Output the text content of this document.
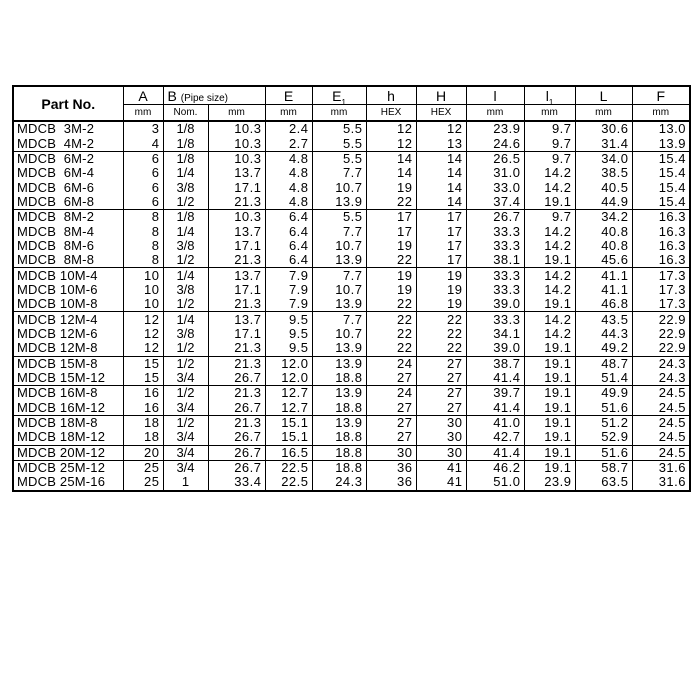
Part No.	A	B (Pipe size)		E	$E_1$	h	H	l	$l_1$	L	F
	mm	Nom.	mm	mm	mm	HEX	HEX	mm	mm	mm	mm
MDCB  3M-2	3	1/8	10.3	2.4	5.5	12	12	23.9	9.7	30.6	13.0
MDCB  4M-2	4	1/8	10.3	2.7	5.5	12	13	24.6	9.7	31.4	13.9
MDCB  6M-2	6	1/8	10.3	4.8	5.5	14	14	26.5	9.7	34.0	15.4
MDCB  6M-4	6	1/4	13.7	4.8	7.7	14	14	31.0	14.2	38.5	15.4
MDCB  6M-6	6	3/8	17.1	4.8	10.7	19	14	33.0	14.2	40.5	15.4
MDCB  6M-8	6	1/2	21.3	4.8	13.9	22	14	37.4	19.1	44.9	15.4
MDCB  8M-2	8	1/8	10.3	6.4	5.5	17	17	26.7	9.7	34.2	16.3
MDCB  8M-4	8	1/4	13.7	6.4	7.7	17	17	33.3	14.2	40.8	16.3
MDCB  8M-6	8	3/8	17.1	6.4	10.7	19	17	33.3	14.2	40.8	16.3
MDCB  8M-8	8	1/2	21.3	6.4	13.9	22	17	38.1	19.1	45.6	16.3
MDCB 10M-4	10	1/4	13.7	7.9	7.7	19	19	33.3	14.2	41.1	17.3
MDCB 10M-6	10	3/8	17.1	7.9	10.7	19	19	33.3	14.2	41.1	17.3
MDCB 10M-8	10	1/2	21.3	7.9	13.9	22	19	39.0	19.1	46.8	17.3
MDCB 12M-4	12	1/4	13.7	9.5	7.7	22	22	33.3	14.2	43.5	22.9
MDCB 12M-6	12	3/8	17.1	9.5	10.7	22	22	34.1	14.2	44.3	22.9
MDCB 12M-8	12	1/2	21.3	9.5	13.9	22	22	39.0	19.1	49.2	22.9
MDCB 15M-8	15	1/2	21.3	12.0	13.9	24	27	38.7	19.1	48.7	24.3
MDCB 15M-12	15	3/4	26.7	12.0	18.8	27	27	41.4	19.1	51.4	24.3
MDCB 16M-8	16	1/2	21.3	12.7	13.9	24	27	39.7	19.1	49.9	24.5
MDCB 16M-12	16	3/4	26.7	12.7	18.8	27	27	41.4	19.1	51.6	24.5
MDCB 18M-8	18	1/2	21.3	15.1	13.9	27	30	41.0	19.1	51.2	24.5
MDCB 18M-12	18	3/4	26.7	15.1	18.8	27	30	42.7	19.1	52.9	24.5
MDCB 20M-12	20	3/4	26.7	16.5	18.8	30	30	41.4	19.1	51.6	24.5
MDCB 25M-12	25	3/4	26.7	22.5	18.8	36	41	46.2	19.1	58.7	31.6
MDCB 25M-16	25	1	33.4	22.5	24.3	36	41	51.0	23.9	63.5	31.6
